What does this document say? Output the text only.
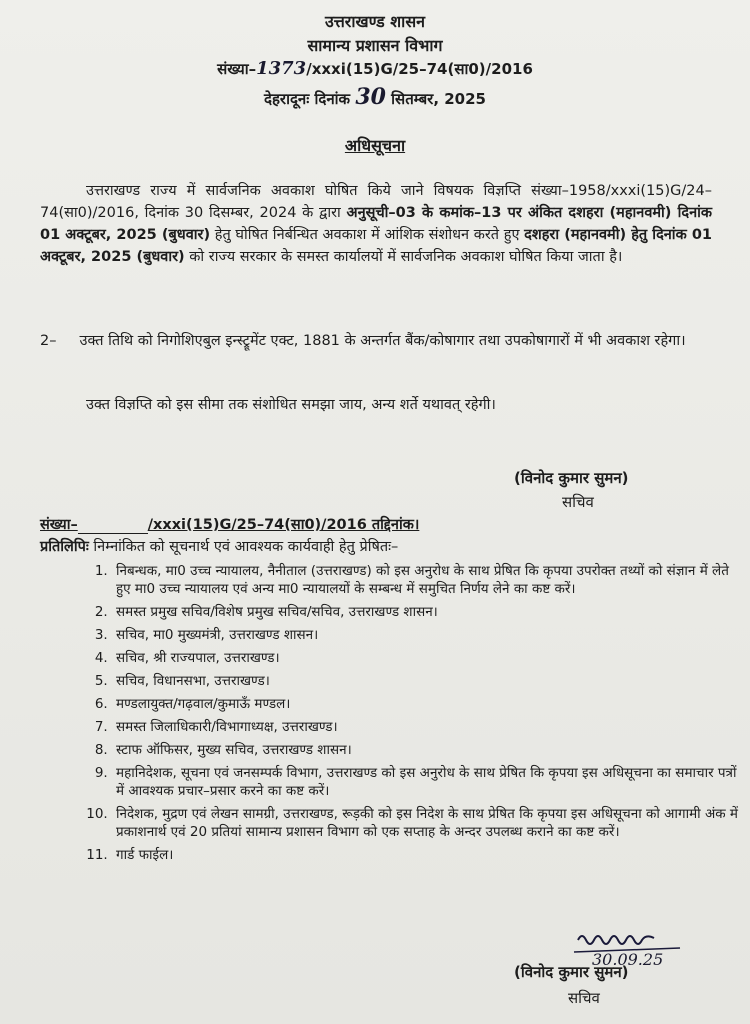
उत्तराखण्ड शासन
सामान्य प्रशासन विभाग
संख्या–1373/xxxi(15)G/25–74(सा0)/2016
देहरादूनः दिनांक 30 सितम्बर, 2025
अधिसूचना
उत्तराखण्ड राज्य में सार्वजनिक अवकाश घोषित किये जाने विषयक विज्ञप्ति संख्या–1958/xxxi(15)G/24–74(सा0)/2016, दिनांक 30 दिसम्बर, 2024 के द्वारा अनुसूची–03 के कमांक–13 पर अंकित दशहरा (महानवमी) दिनांक 01 अक्टूबर, 2025 (बुधवार) हेतु घोषित निर्बन्धित अवकाश में आंशिक संशोधन करते हुए दशहरा (महानवमी) हेतु दिनांक 01 अक्टूबर, 2025 (बुधवार) को राज्य सरकार के समस्त कार्यालयों में सार्वजनिक अवकाश घोषित किया जाता है।
2–     उक्त तिथि को निगोशिएबुल इन्स्ट्रूमेंट एक्ट, 1881 के अन्तर्गत बैंक/कोषागार तथा उपकोषागारों में भी अवकाश रहेगा।
उक्त विज्ञप्ति को इस सीमा तक संशोधित समझा जाय, अन्य शर्ते यथावत् रहेगी।
(विनोद कुमार सुमन)
सचिव
संख्या–	/xxxi(15)G/25–74(सा0)/2016 तद्दिनांक।
प्रतिलिपिः निम्नांकित को सूचनार्थ एवं आवश्यक कार्यवाही हेतु प्रेषितः–
1. निबन्धक, मा0 उच्च न्यायालय, नैनीताल (उत्तराखण्ड) को इस अनुरोध के साथ प्रेषित कि कृपया उपरोक्त तथ्यों को संज्ञान में लेते हुए मा0 उच्च न्यायालय एवं अन्य मा0 न्यायालयों के सम्बन्ध में समुचित निर्णय लेने का कष्ट करें।
2. समस्त प्रमुख सचिव/विशेष प्रमुख सचिव/सचिव, उत्तराखण्ड शासन।
3. सचिव, मा0 मुख्यमंत्री, उत्तराखण्ड शासन।
4. सचिव, श्री राज्यपाल, उत्तराखण्ड।
5. सचिव, विधानसभा, उत्तराखण्ड।
6. मण्डलायुक्त/गढ़वाल/कुमाऊँ मण्डल।
7. समस्त जिलाधिकारी/विभागाध्यक्ष, उत्तराखण्ड।
8. स्टाफ ऑफिसर, मुख्य सचिव, उत्तराखण्ड शासन।
9. महानिदेशक, सूचना एवं जनसम्पर्क विभाग, उत्तराखण्ड को इस अनुरोध के साथ प्रेषित कि कृपया इस अधिसूचना का समाचार पत्रों में आवश्यक प्रचार–प्रसार करने का कष्ट करें।
10. निदेशक, मुद्रण एवं लेखन सामग्री, उत्तराखण्ड, रूड़की को इस निदेश के साथ प्रेषित कि कृपया इस अधिसूचना को आगामी अंक में प्रकाशनार्थ एवं 20 प्रतियां सामान्य प्रशासन विभाग को एक सप्ताह के अन्दर उपलब्ध कराने का कष्ट करें।
11. गार्ड फाईल।
30.09.25
(विनोद कुमार सुमन)
सचिव
